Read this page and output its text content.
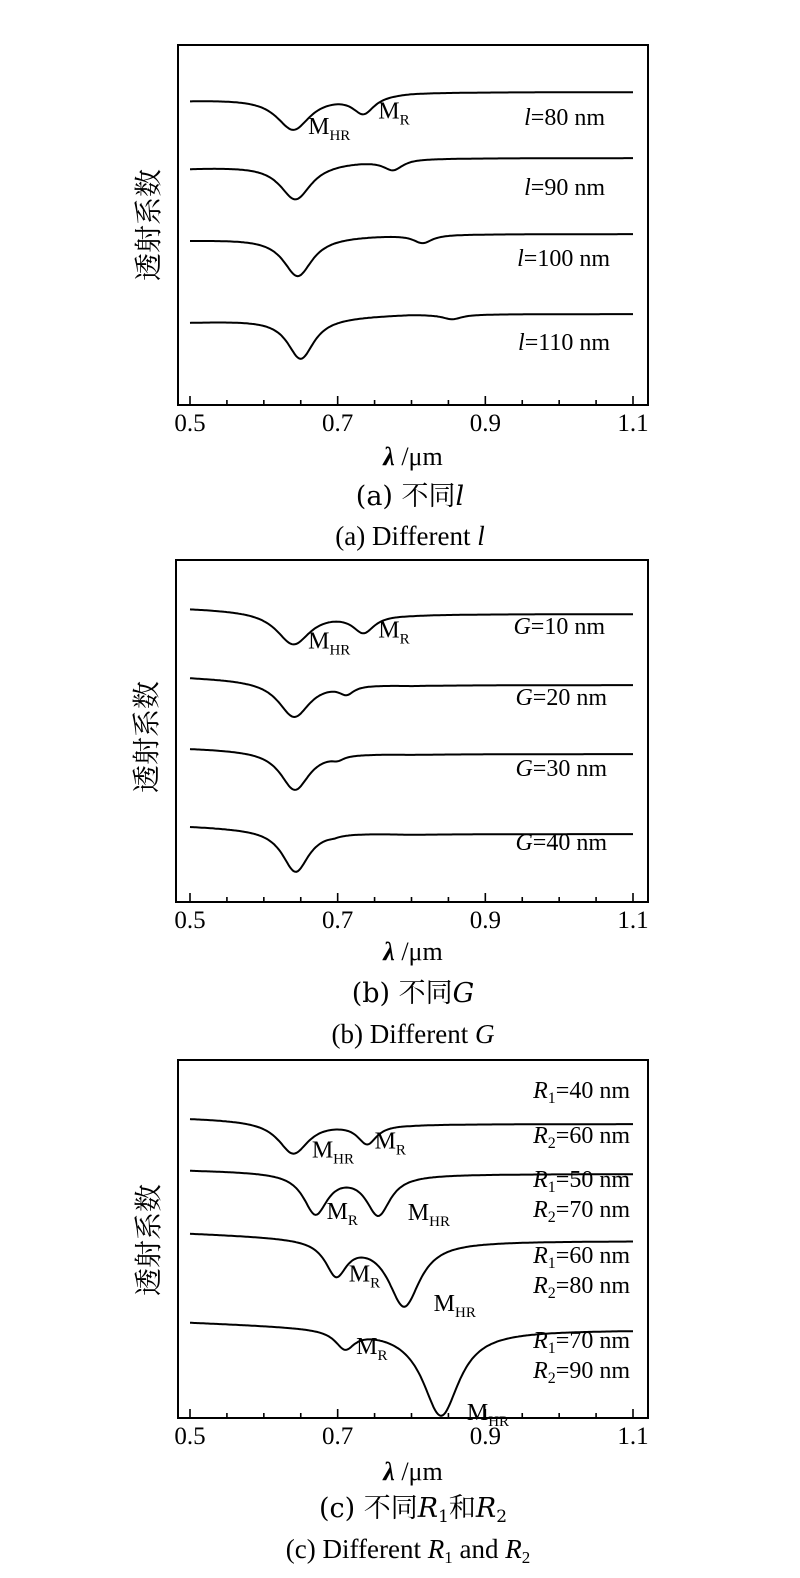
0.5	0.7	0.9	1.1
λ /μm
透射系数
l=80 nm
l=90 nm
l=100 nm
l=110 nm
$M_{HR}$
$M_R$
(a) 不同l
(a) Different l
0.5	0.7	0.9	1.1
λ /μm
透射系数
G=10 nm
G=20 nm
G=30 nm
G=40 nm
$M_{HR}$
$M_R$
(b) 不同G
(b) Different G
0.5	0.7	0.9	1.1
λ /μm
透射系数
$R_1=40$ nm
$R_2=60$ nm
$R_1=50$ nm
$R_2=70$ nm
$R_1=60$ nm
$R_2=80$ nm
$R_1=70$ nm
$R_2=90$ nm
$M_{HR}$
$M_R$
$M_R$ $M_{HR}$
$M_R$
$M_{HR}$
$M_R$
$M_{HR}$
(c) 不同R1和R2
(c) Different R1 and R2
